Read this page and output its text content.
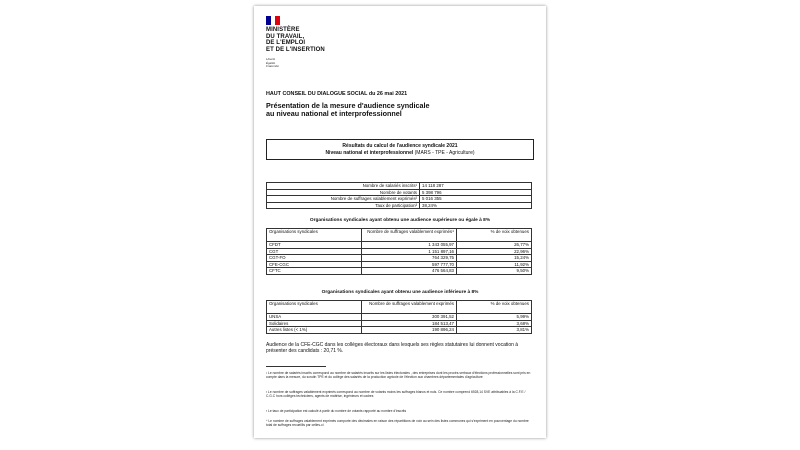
MINISTÈRE
DU TRAVAIL,
DE L'EMPLOI
ET DE L'INSERTION
Liberté
Égalité
Fraternité
HAUT CONSEIL DU DIALOGUE SOCIAL du 26 mai 2021
Présentation de la mesure d'audience syndicale
au niveau national et interprofessionnel
Résultats du calcul de l'audience syndicale 2021
Niveau national et interprofessionnel (MARS - TPE - Agriculture)
Nombre de salariés inscrits¹	14 118 287
Nombre de votants	5 398 796
Nombre de suffrages valablement exprimés²	5 016 355
Taux de participation³	38,24%
Organisations syndicales ayant obtenu une audience supérieure ou égale à 8%
Organisations syndicales	Nombre de suffrages valablement exprimés⁴	% de voix obtenues
CFDT	1 343 055,97	26,77%
CGT	1 151 897,16	22,96%
CGT-FO	764 329,75	15,24%
CFE-CGC	597 777,70	11,92%
CFTC	476 564,83	9,50%
Organisations syndicales ayant obtenu une audience inférieure à 8%
Organisations syndicales	Nombre de suffrages valablement exprimés	% de voix obtenues
UNSA	300 391,52	5,99%
Solidaires	184 513,47	3,68%
Autres listes (< 1%)	190 896,24	3,81%
Audience de la CFE-CGC dans les collèges électoraux dans lesquels ses règles statutaires lui donnent vocation à présenter des candidats : 20,71 %.
¹ Le nombre de salariés inscrits correspond au nombre de salariés inscrits sur les listes électorales , des entreprises dont les procès-verbaux d'élections professionnelles sont pris en compte dans la mesure, du scrutin TPE et du collège des salariés de la production agricole de l'élection aux chambres départementales d'agriculture
² Le nombre de suffrages valablement exprimés correspond au nombre de votants moins les suffrages blancs et nuls. Ce nombre comprend 6928,14 SVE attribuables à la C.F.E / C.G.C hors collèges techniciens, agents de maîtrise, ingénieurs et cadres
³ Le taux de participation est calculé à partir du nombre de votants rapporté au nombre d'inscrits
⁴ Le nombre de suffrages valablement exprimés comporte des décimales en raison des répartitions de voix au sein des listes communes qui s'expriment en pourcentage du nombre total de suffrages recueillis par celles-ci
